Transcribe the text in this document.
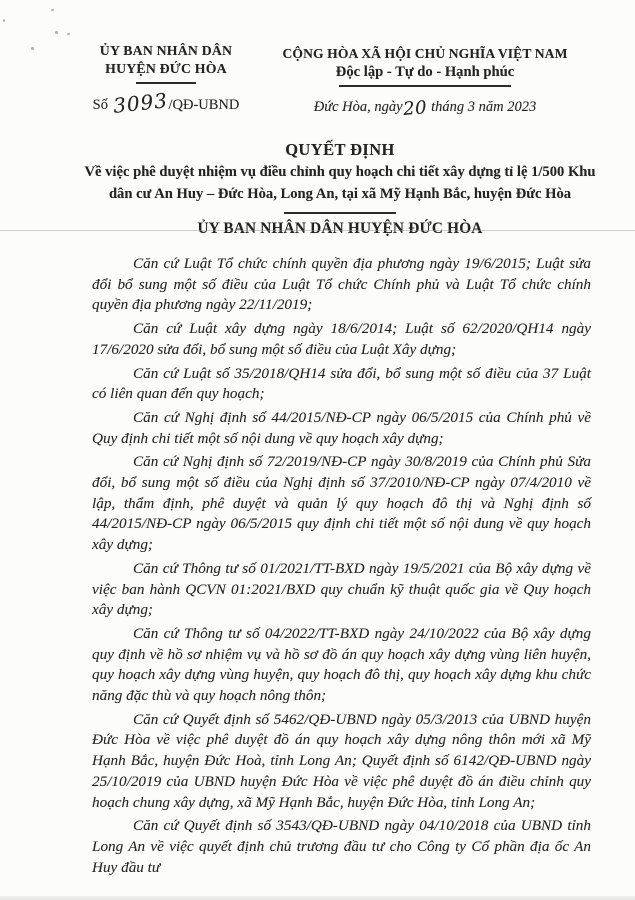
ỦY BAN NHÂN DÂN
HUYỆN ĐỨC HÒA
Số 3093/QĐ-UBND
CỘNG HÒA XÃ HỘI CHỦ NGHĨA VIỆT NAM
Độc lập - Tự do - Hạnh phúc
Đức Hòa, ngày20 tháng 3 năm 2023
QUYẾT ĐỊNH
Về việc phê duyệt nhiệm vụ điều chỉnh quy hoạch chi tiết xây dựng tỉ lệ 1/500 Khu
dân cư An Huy – Đức Hòa, Long An, tại xã Mỹ Hạnh Bắc, huyện Đức Hòa
ỦY BAN NHÂN DÂN HUYỆN ĐỨC HÒA

Căn cứ Luật Tổ chức chính quyền địa phương ngày 19/6/2015; Luật sửa đổi bổ sung một số điều của Luật Tổ chức Chính phủ và Luật Tổ chức chính quyền địa phương ngày 22/11/2019;

Căn cứ Luật xây dựng ngày 18/6/2014; Luật số 62/2020/QH14 ngày 17/6/2020 sửa đổi, bổ sung một số điều của Luật Xây dựng;

Căn cứ Luật số 35/2018/QH14 sửa đổi, bổ sung một số điều của 37 Luật có liên quan đến quy hoạch;

Căn cứ Nghị định số 44/2015/NĐ-CP ngày 06/5/2015 của Chính phủ về Quy định chi tiết một số nội dung về quy hoạch xây dựng;

Căn cứ Nghị định số 72/2019/NĐ-CP ngày 30/8/2019 của Chính phủ Sửa đổi, bổ sung một số điều của Nghị định số 37/2010/NĐ-CP ngày 07/4/2010 về lập, thẩm định, phê duyệt và quản lý quy hoạch đô thị và Nghị định số 44/2015/NĐ-CP ngày 06/5/2015 quy định chi tiết một số nội dung về quy hoạch xây dựng;

Căn cứ Thông tư số 01/2021/TT-BXD ngày 19/5/2021 của Bộ xây dựng về việc ban hành QCVN 01:2021/BXD quy chuẩn kỹ thuật quốc gia về Quy hoạch xây dựng;

Căn cứ Thông tư số 04/2022/TT-BXD ngày 24/10/2022 của Bộ xây dựng quy định về hồ sơ nhiệm vụ và hồ sơ đồ án quy hoạch xây dựng vùng liên huyện, quy hoạch xây dựng vùng huyện, quy hoạch đô thị, quy hoạch xây dựng khu chức năng đặc thù và quy hoạch nông thôn;

Căn cứ Quyết định số 5462/QĐ-UBND ngày 05/3/2013 của UBND huyện Đức Hòa về việc phê duyệt đồ án quy hoạch xây dựng nông thôn mới xã Mỹ Hạnh Bắc, huyện Đức Hoà, tỉnh Long An; Quyết định số 6142/QĐ-UBND ngày 25/10/2019 của UBND huyện Đức Hòa về việc phê duyệt đồ án điều chỉnh quy hoạch chung xây dựng, xã Mỹ Hạnh Bắc, huyện Đức Hòa, tỉnh Long An;

Căn cứ Quyết định số 3543/QĐ-UBND ngày 04/10/2018 của UBND tỉnh Long An về việc quyết định chủ trương đầu tư cho Công ty Cổ phần địa ốc An Huy đầu tư
